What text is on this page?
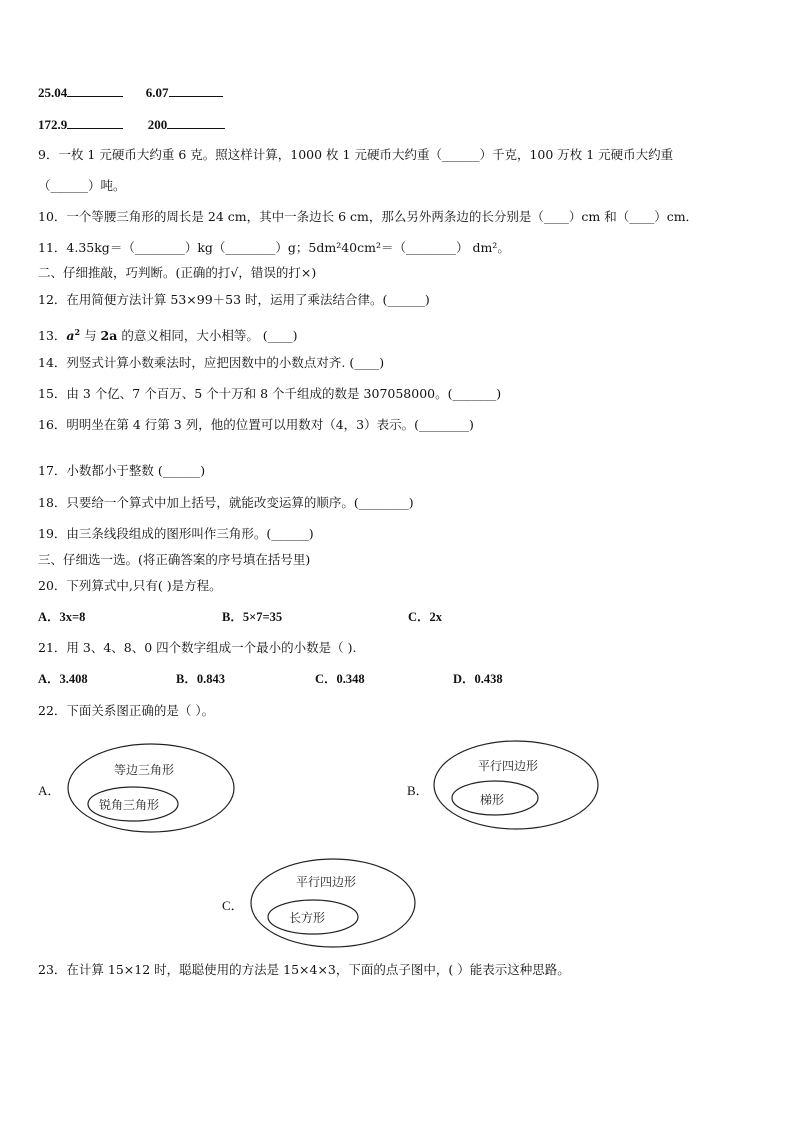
25.04	6.07
172.9	200
9．一枚 1 元硬币大约重 6 克。照这样计算，1000 枚 1 元硬币大约重（______）千克，100 万枚 1 元硬币大约重
（______）吨。
10．一个等腰三角形的周长是 24 cm，其中一条边长 6 cm，那么另外两条边的长分别是（____）cm 和（____）cm．
11．4.35kg＝（________）kg（________）g；5dm²40cm²＝（________） dm²。
二、仔细推敲，巧判断。(正确的打√，错误的打×)
12．在用简便方法计算 53×99＋53 时，运用了乘法结合律。(______)
13．$a^2$ 与 2a 的意义相同，大小相等。 (____)
14．列竖式计算小数乘法时，应把因数中的小数点对齐. (____)
15．由 3 个亿、7 个百万、5 个十万和 8 个千组成的数是 307058000。(_______)
16．明明坐在第 4 行第 3 列，他的位置可以用数对（4，3）表示。(________)
17．小数都小于整数 (______)
18．只要给一个算式中加上括号，就能改变运算的顺序。(________)
19．由三条线段组成的图形叫作三角形。(______)
三、仔细选一选。(将正确答案的序号填在括号里)
20．下列算式中,只有( )是方程。
A．3x=8	B．5×7=35	C．2x
21．用 3、4、8、0 四个数字组成一个最小的小数是（ ).
A．3.408	B．0.843	C．0.348	D．0.438
22．下面关系图正确的是（ ）。
A．
等边三角形
锐角三角形
B．
平行四边形
梯形
C．
平行四边形
长方形
23．在计算 15×12 时，聪聪使用的方法是 15×4×3，下面的点子图中，( ）能表示这种思路。
